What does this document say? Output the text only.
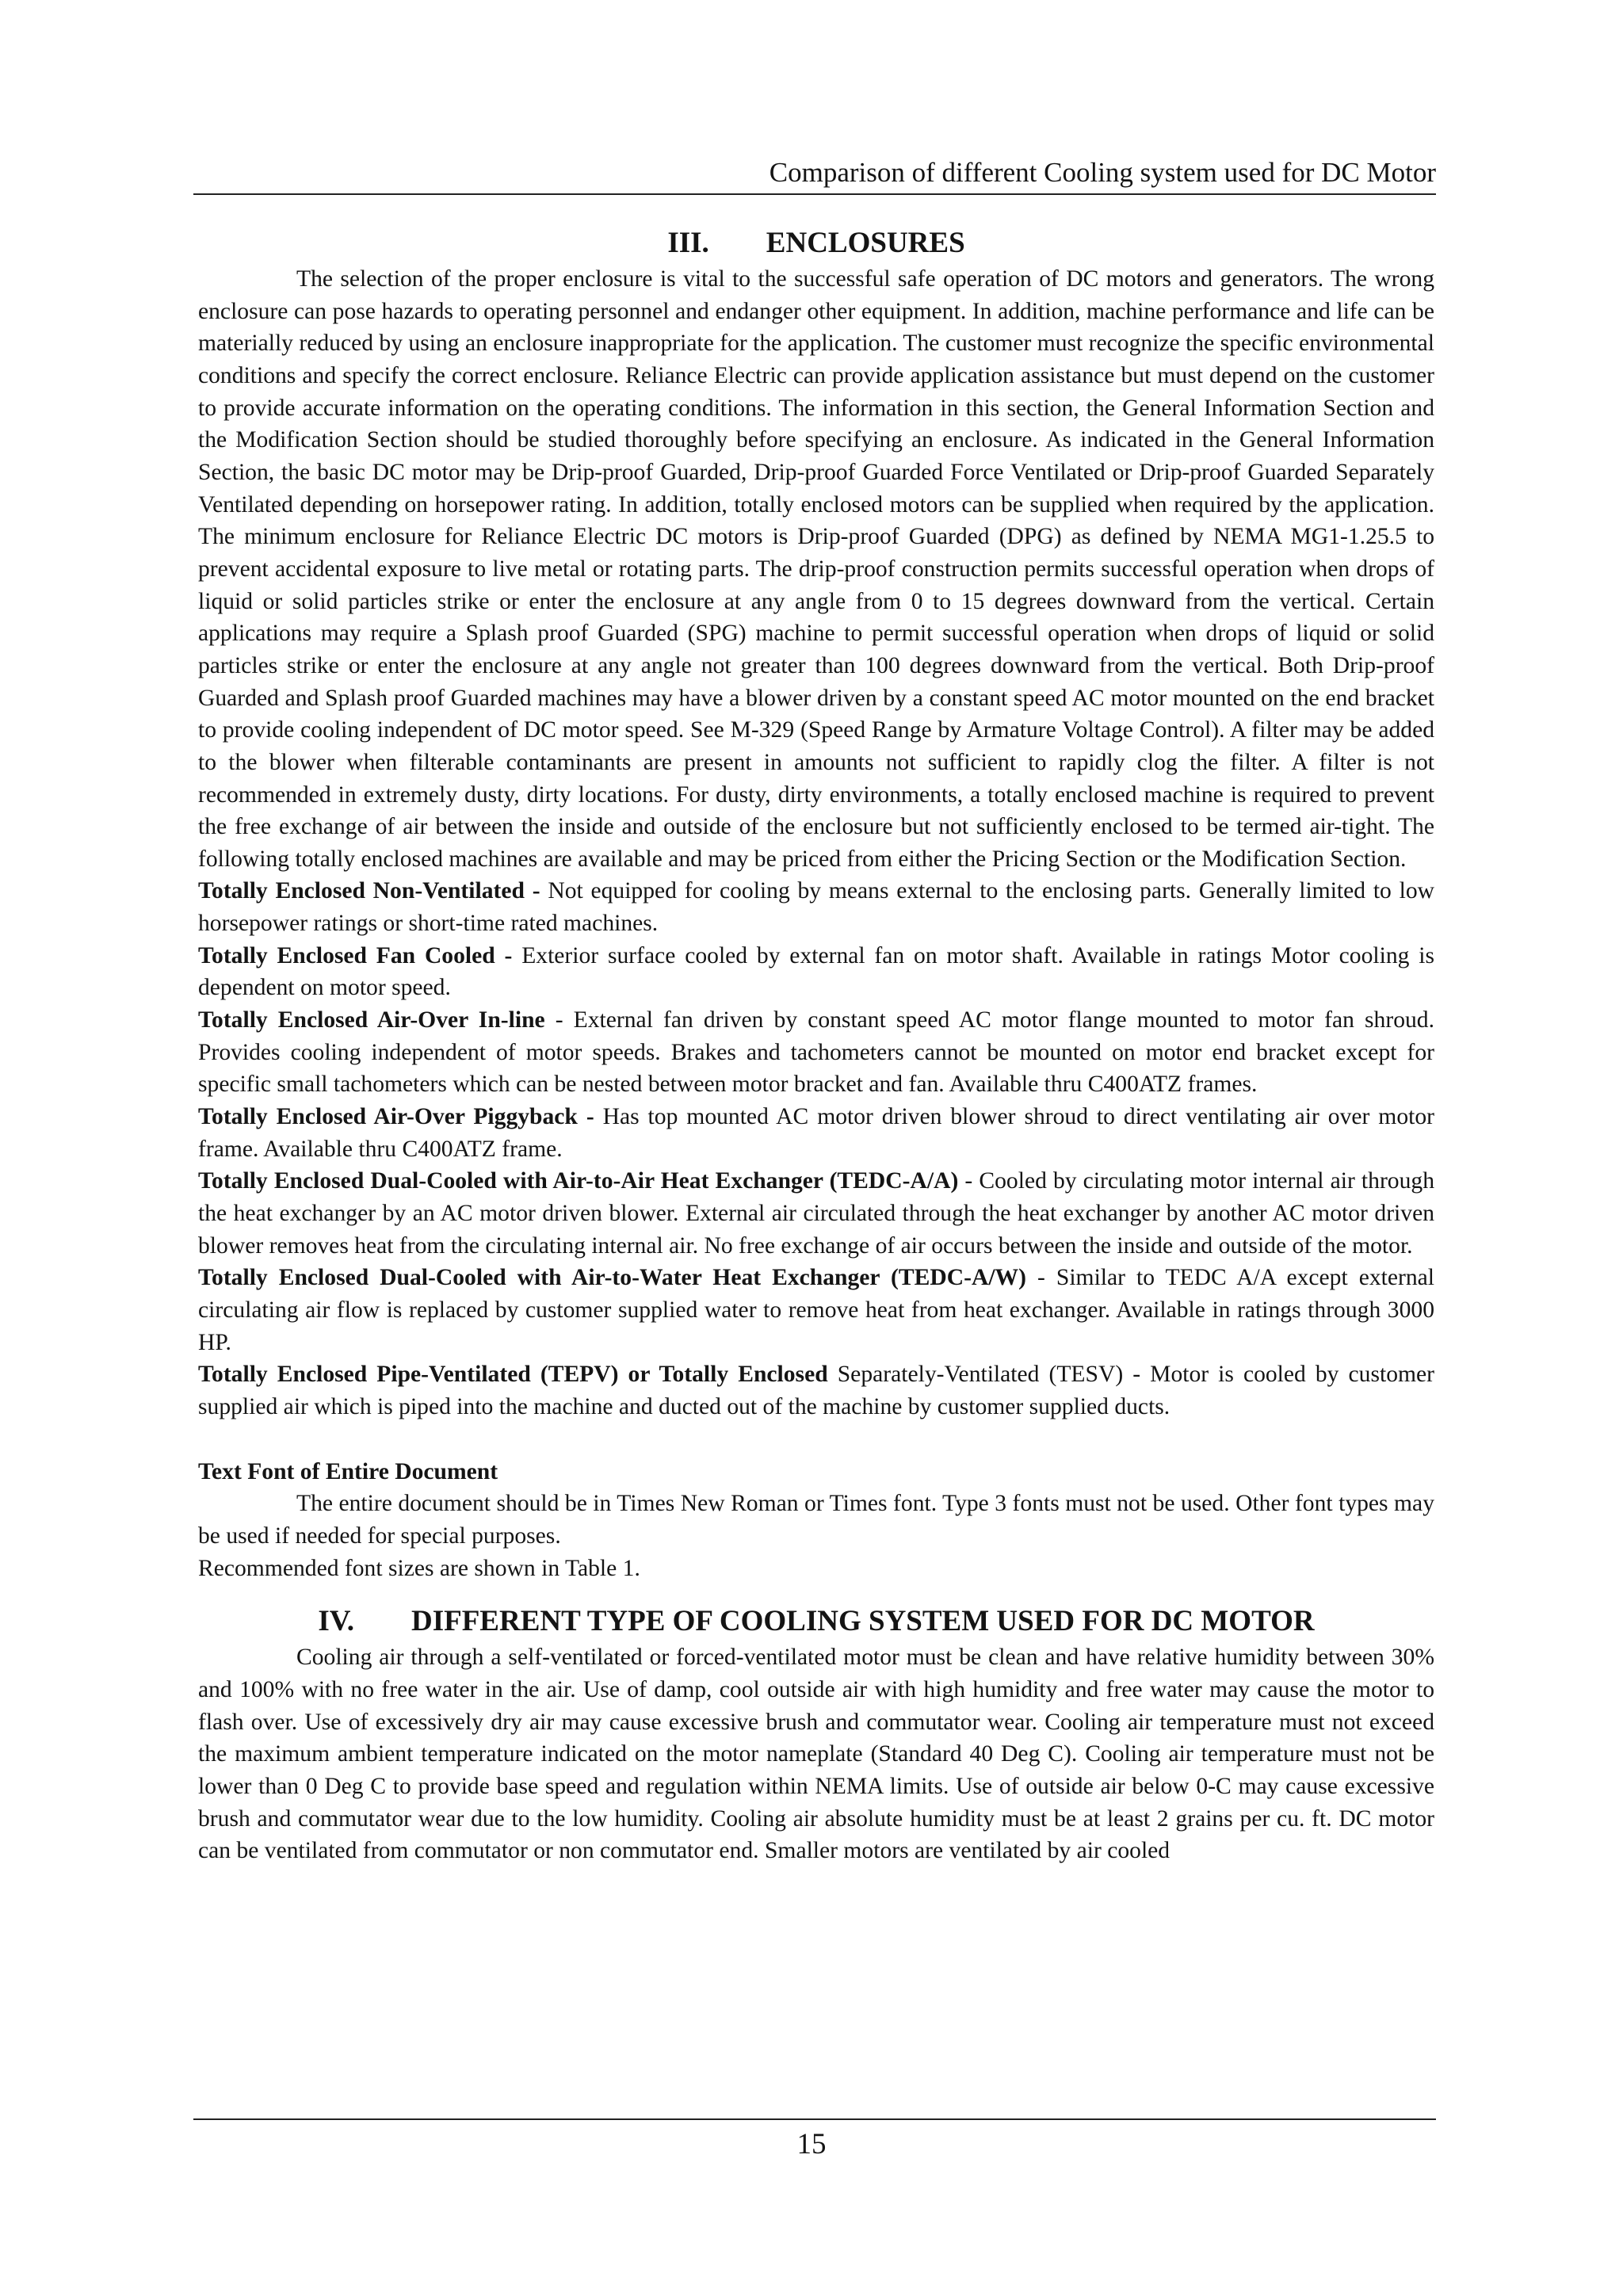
Comparison of different Cooling system used for DC Motor
III. ENCLOSURES

The selection of the proper enclosure is vital to the successful safe operation of DC motors and generators. The wrong enclosure can pose hazards to operating personnel and endanger other equipment. In addition, machine performance and life can be materially reduced by using an enclosure inappropriate for the application. The customer must recognize the specific environmental conditions and specify the correct enclosure. Reliance Electric can provide application assistance but must depend on the customer to provide accurate information on the operating conditions. The information in this section, the General Information Section and the Modification Section should be studied thoroughly before specifying an enclosure. As indicated in the General Information Section, the basic DC motor may be Drip-proof Guarded, Drip-proof Guarded Force Ventilated or Drip-proof Guarded Separately Ventilated depending on horsepower rating. In addition, totally enclosed motors can be supplied when required by the application. The minimum enclosure for Reliance Electric DC motors is Drip-proof Guarded (DPG) as defined by NEMA MG1-1.25.5 to prevent accidental exposure to live metal or rotating parts. The drip-proof construction permits successful operation when drops of liquid or solid particles strike or enter the enclosure at any angle from 0 to 15 degrees downward from the vertical. Certain applications may require a Splash proof Guarded (SPG) machine to permit successful operation when drops of liquid or solid particles strike or enter the enclosure at any angle not greater than 100 degrees downward from the vertical. Both Drip-proof Guarded and Splash proof Guarded machines may have a blower driven by a constant speed AC motor mounted on the end bracket to provide cooling independent of DC motor speed. See M-329 (Speed Range by Armature Voltage Control). A filter may be added to the blower when filterable contaminants are present in amounts not sufficient to rapidly clog the filter. A filter is not recommended in extremely dusty, dirty locations. For dusty, dirty environments, a totally enclosed machine is required to prevent the free exchange of air between the inside and outside of the enclosure but not sufficiently enclosed to be termed air-tight. The following totally enclosed machines are available and may be priced from either the Pricing Section or the Modification Section.

Totally Enclosed Non-Ventilated - Not equipped for cooling by means external to the enclosing parts. Generally limited to low horsepower ratings or short-time rated machines.

Totally Enclosed Fan Cooled - Exterior surface cooled by external fan on motor shaft. Available in ratings Motor cooling is dependent on motor speed.

Totally Enclosed Air-Over In-line - External fan driven by constant speed AC motor flange mounted to motor fan shroud. Provides cooling independent of motor speeds. Brakes and tachometers cannot be mounted on motor end bracket except for specific small tachometers which can be nested between motor bracket and fan. Available thru C400ATZ frames.

Totally Enclosed Air-Over Piggyback - Has top mounted AC motor driven blower shroud to direct ventilating air over motor frame. Available thru C400ATZ frame.

Totally Enclosed Dual-Cooled with Air-to-Air Heat Exchanger (TEDC-A/A) - Cooled by circulating motor internal air through the heat exchanger by an AC motor driven blower. External air circulated through the heat exchanger by another AC motor driven blower removes heat from the circulating internal air. No free exchange of air occurs between the inside and outside of the motor.

Totally Enclosed Dual-Cooled with Air-to-Water Heat Exchanger (TEDC-A/W) - Similar to TEDC A/A except external circulating air flow is replaced by customer supplied water to remove heat from heat exchanger. Available in ratings through 3000 HP.

Totally Enclosed Pipe-Ventilated (TEPV) or Totally Enclosed Separately-Ventilated (TESV) - Motor is cooled by customer supplied air which is piped into the machine and ducted out of the machine by customer supplied ducts.

Text Font of Entire Document

The entire document should be in Times New Roman or Times font. Type 3 fonts must not be used. Other font types may be used if needed for special purposes.

Recommended font sizes are shown in Table 1.

IV. DIFFERENT TYPE OF COOLING SYSTEM USED FOR DC MOTOR

Cooling air through a self-ventilated or forced-ventilated motor must be clean and have relative humidity between 30% and 100% with no free water in the air. Use of damp, cool outside air with high humidity and free water may cause the motor to flash over. Use of excessively dry air may cause excessive brush and commutator wear. Cooling air temperature must not exceed the maximum ambient temperature indicated on the motor nameplate (Standard 40 Deg C). Cooling air temperature must not be lower than 0 Deg C to provide base speed and regulation within NEMA limits. Use of outside air below 0-C may cause excessive brush and commutator wear due to the low humidity. Cooling air absolute humidity must be at least 2 grains per cu. ft. DC motor can be ventilated from commutator or non commutator end. Smaller motors are ventilated by air cooled

15
